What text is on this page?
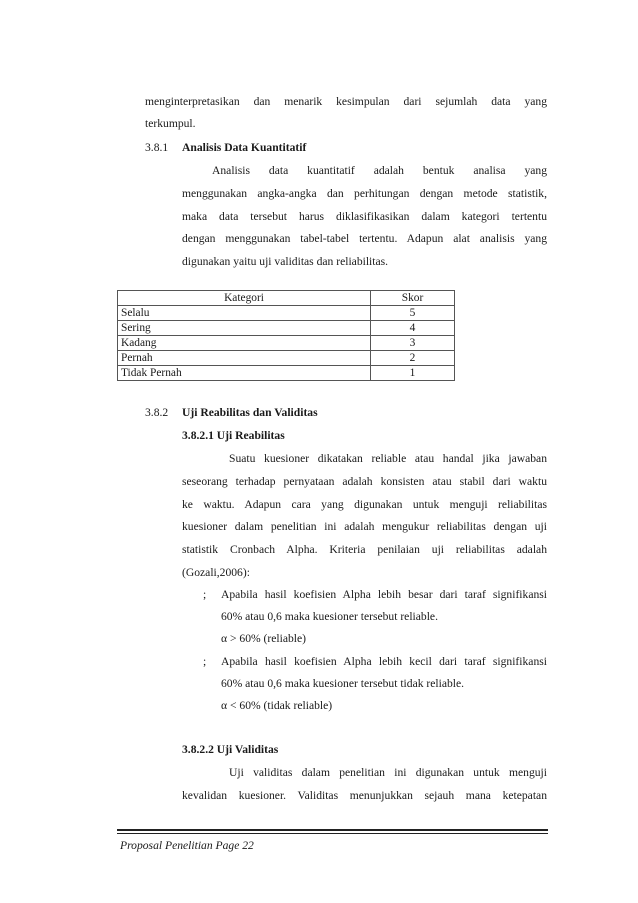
menginterpretasikan dan menarik kesimpulan dari sejumlah data yang
terkumpul.
3.8.1 Analisis Data Kuantitatif
Analisis data kuantitatif adalah bentuk analisa yang
menggunakan angka-angka dan perhitungan dengan metode statistik,
maka data tersebut harus diklasifikasikan dalam kategori tertentu
dengan menggunakan tabel-tabel tertentu. Adapun alat analisis yang
digunakan yaitu uji validitas dan reliabilitas.
Kategori	Skor
Selalu	5
Sering	4
Kadang	3
Pernah	2
Tidak Pernah	1
3.8.2 Uji Reabilitas dan Validitas
3.8.2.1 Uji Reabilitas
Suatu kuesioner dikatakan reliable atau handal jika jawaban
seseorang terhadap pernyataan adalah konsisten atau stabil dari waktu
ke waktu. Adapun cara yang digunakan untuk menguji reliabilitas
kuesioner dalam penelitian ini adalah mengukur reliabilitas dengan uji
statistik Cronbach Alpha. Kriteria penilaian uji reliabilitas adalah
(Gozali,2006):
; Apabila hasil koefisien Alpha lebih besar dari taraf signifikansi
60% atau 0,6 maka kuesioner tersebut reliable.
α > 60% (reliable)
; Apabila hasil koefisien Alpha lebih kecil dari taraf signifikansi
60% atau 0,6 maka kuesioner tersebut tidak reliable.
α < 60% (tidak reliable)
3.8.2.2 Uji Validitas
Uji validitas dalam penelitian ini digunakan untuk menguji
kevalidan kuesioner. Validitas menunjukkan sejauh mana ketepatan
Proposal Penelitian Page 22
